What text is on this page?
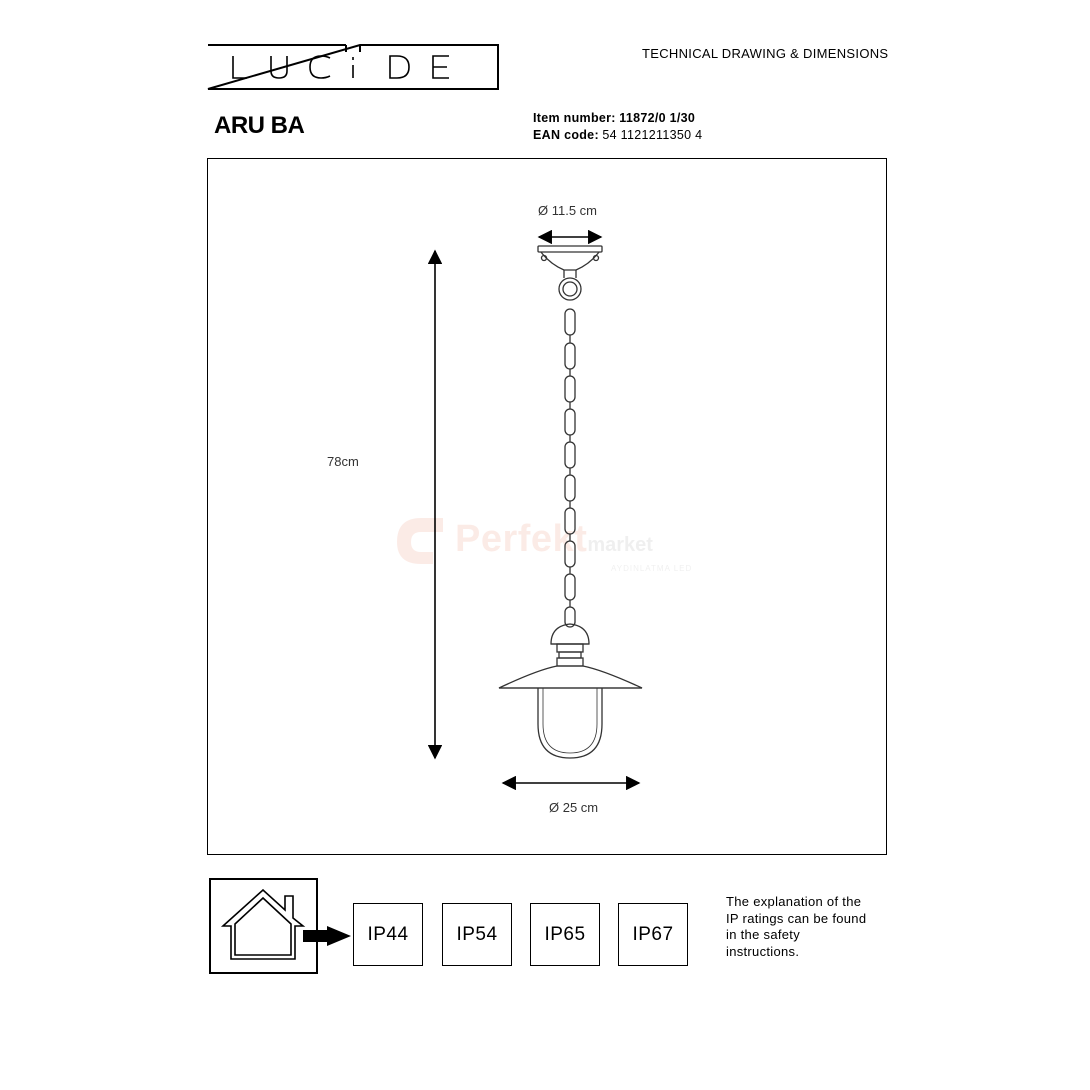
TECHNICAL DRAWING & DIMENSIONS
ARU BA	Item number: 11872/0 1/30
EAN code: 54 1121211350 4
Perfektmarket
AYDINLATMA LED
Ø 11.5 cm
78cm
Ø 25 cm
IP44	IP54	IP65	IP67
The explanation of the
IP ratings can be found
in the safety
instructions.
